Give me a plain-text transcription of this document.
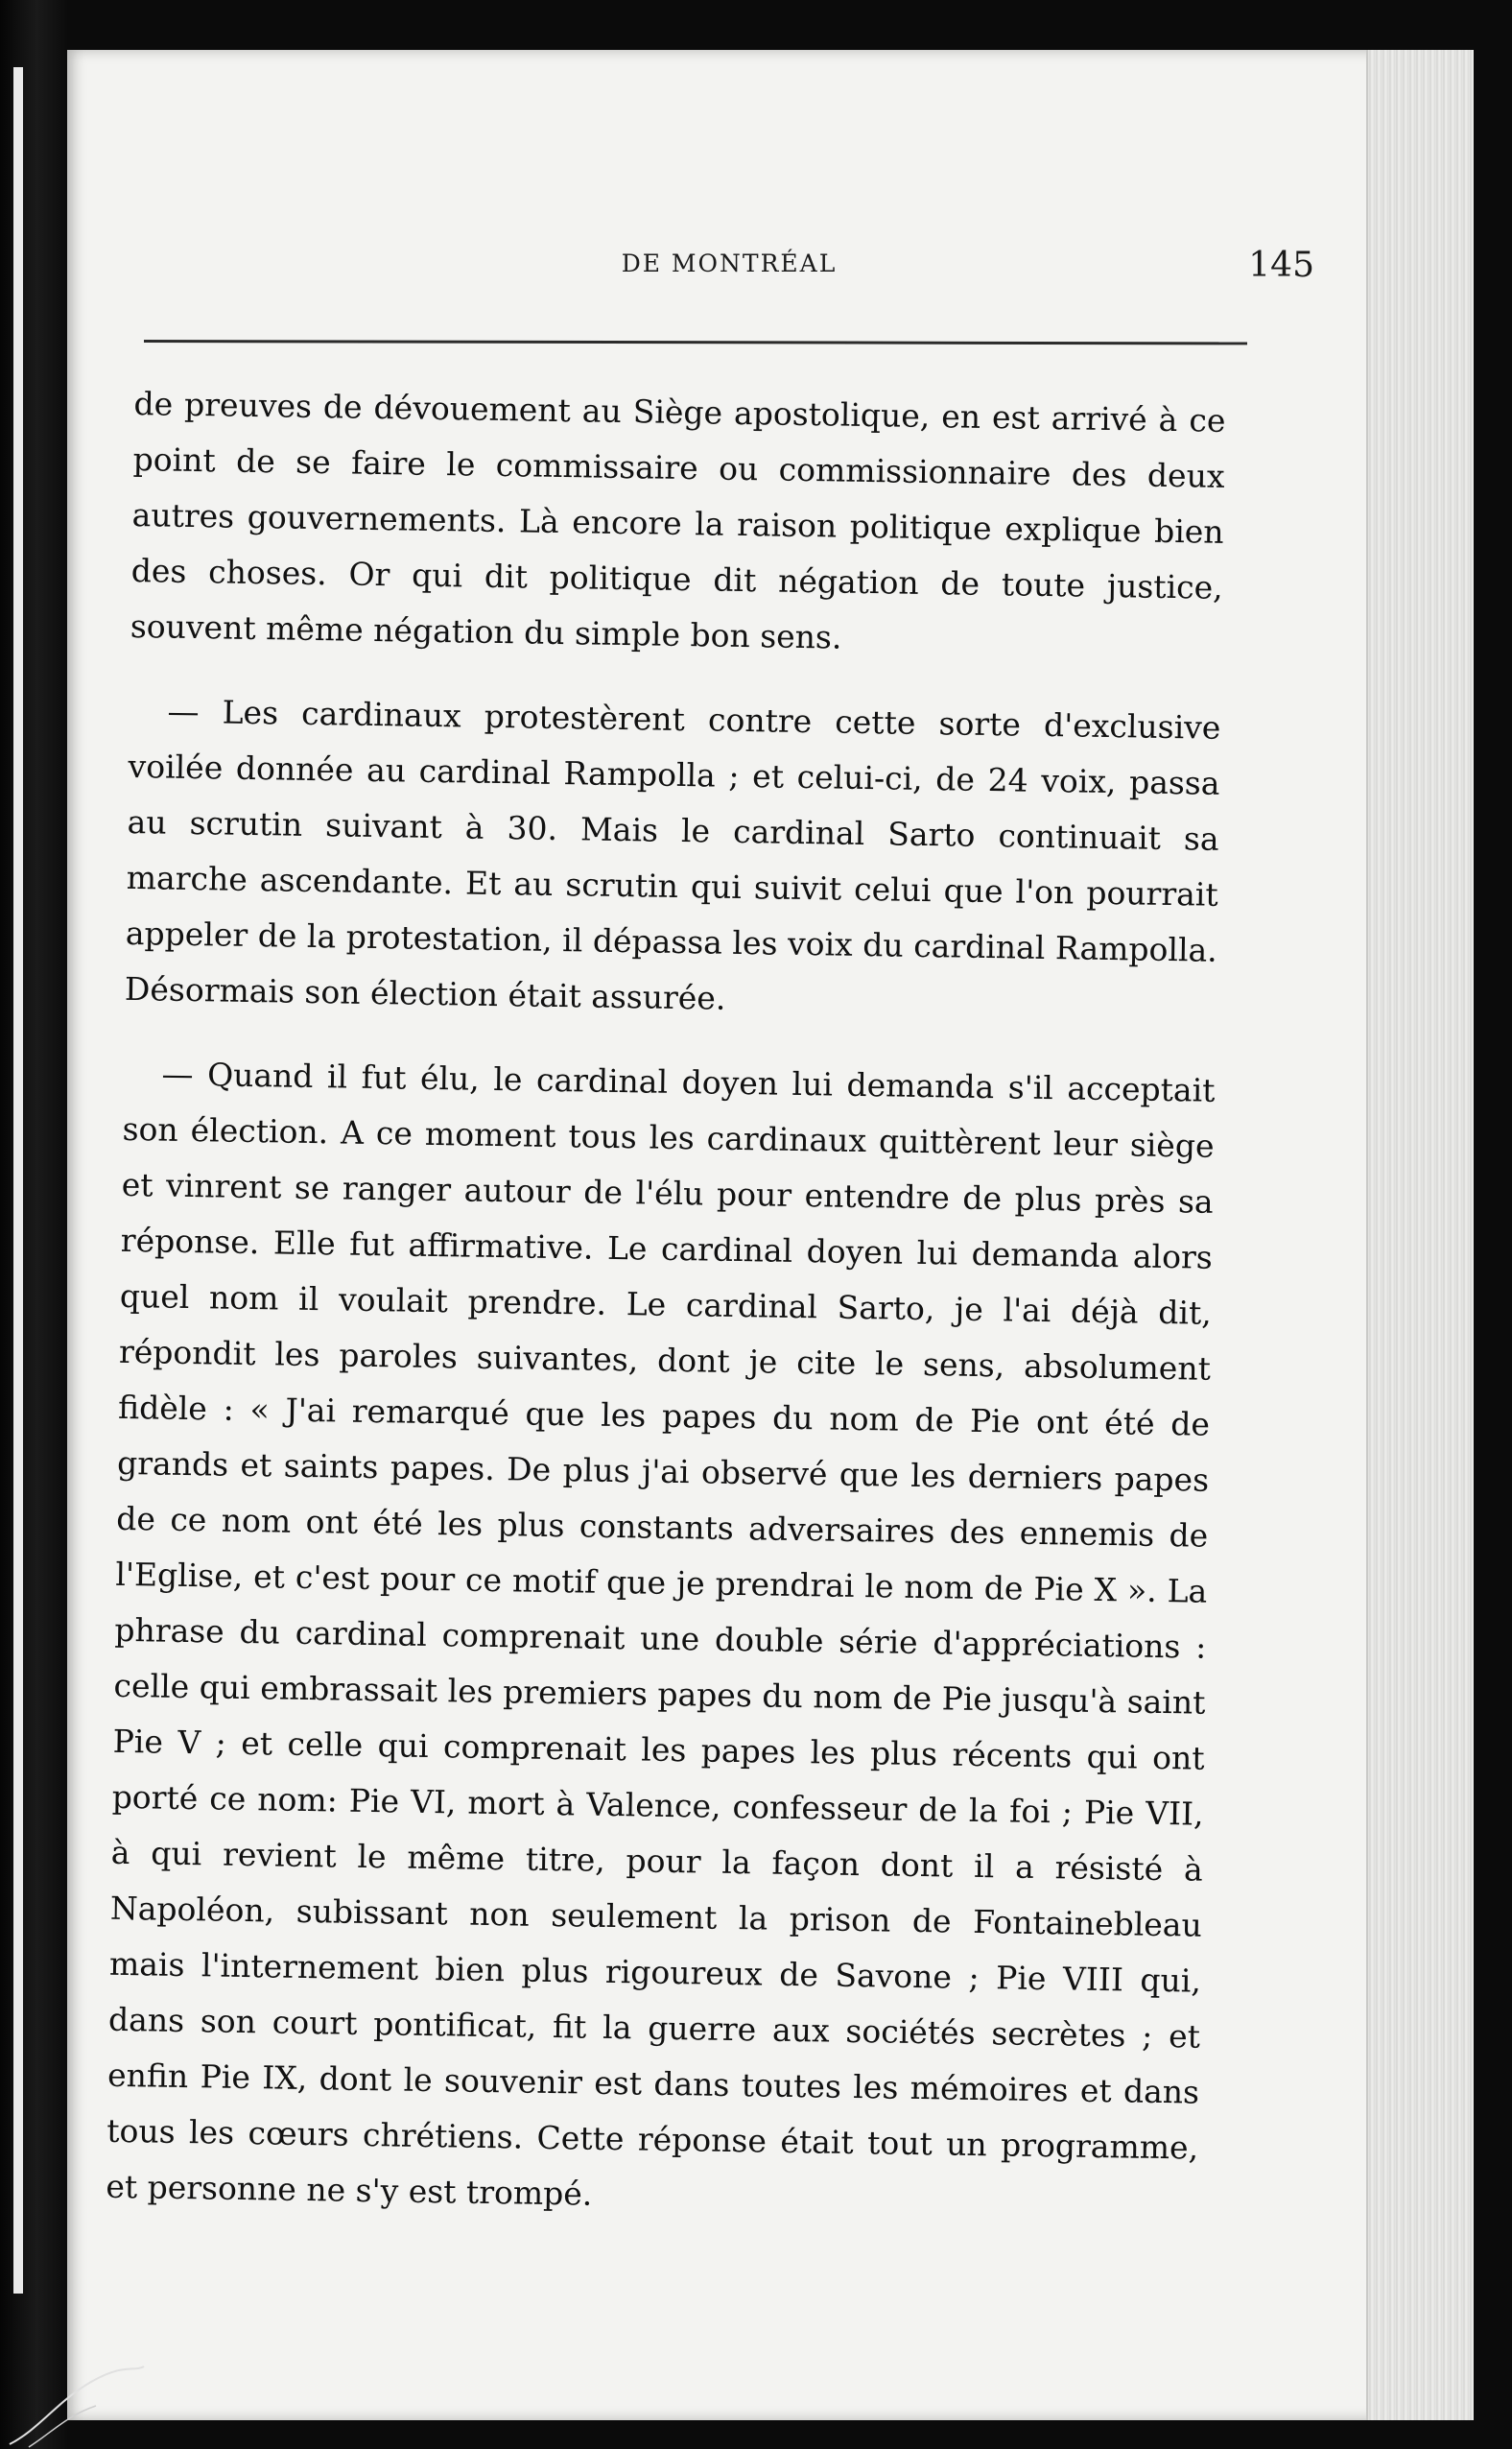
DE MONTRÉAL	145

de preuves de dévouement au Siège apostolique, en est arrivé à ce point de se faire le commissaire ou commissionnaire des deux autres gouvernements. Là encore la raison politique explique bien des choses. Or qui dit politique dit négation de toute justice, souvent même négation du simple bon sens.

— Les cardinaux protestèrent contre cette sorte d'exclusive voilée donnée au cardinal Rampolla ; et celui-ci, de 24 voix, passa au scrutin suivant à 30. Mais le cardinal Sarto continuait sa marche ascendante. Et au scrutin qui suivit celui que l'on pourrait appeler de la protestation, il dépassa les voix du cardinal Rampolla. Désormais son élection était assurée.

— Quand il fut élu, le cardinal doyen lui demanda s'il acceptait son élection. A ce moment tous les cardinaux quittèrent leur siège et vinrent se ranger autour de l'élu pour entendre de plus près sa réponse. Elle fut affirmative. Le cardinal doyen lui demanda alors quel nom il voulait prendre. Le cardinal Sarto, je l'ai déjà dit, répondit les paroles suivantes, dont je cite le sens, absolument fidèle : « J'ai remarqué que les papes du nom de Pie ont été de grands et saints papes. De plus j'ai observé que les derniers papes de ce nom ont été les plus constants adversaires des ennemis de l'Eglise, et c'est pour ce motif que je prendrai le nom de Pie X ». La phrase du cardinal comprenait une double série d'appréciations : celle qui embrassait les premiers papes du nom de Pie jusqu'à saint Pie V ; et celle qui comprenait les papes les plus récents qui ont porté ce nom: Pie VI, mort à Valence, confesseur de la foi ; Pie VII, à qui revient le même titre, pour la façon dont il a résisté à Napoléon, subissant non seulement la prison de Fontainebleau mais l'internement bien plus rigoureux de Savone ; Pie VIII qui, dans son court pontificat, fit la guerre aux sociétés secrètes ; et enfin Pie IX, dont le souvenir est dans toutes les mémoires et dans tous les cœurs chrétiens. Cette réponse était tout un programme, et personne ne s'y est trompé.
